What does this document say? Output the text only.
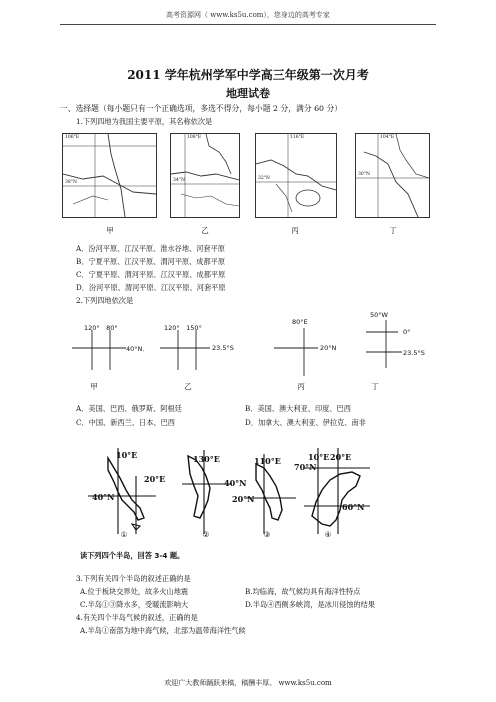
高考资源网（ www.ks5u.com），您身边的高考专家
2011 学年杭州学军中学高三年级第一次月考
地理试卷
一、选择题（每小题只有一个正确选项，多选不得分，每小题 2 分，满分 60 分）
1.下列四地为我国主要平原，其名称依次是
106°E
38°N
108°E
34°N
116°E
32°N
104°E
30°N
甲	乙	丙	丁
A．汾河平原、江汉平原、淮水谷地、河套平原
B．宁夏平原、江汉平原、渭河平原、成都平原
C．宁夏平原、渭河平原、江汉平原、成都平原
D．汾河平原、渭河平原、江汉平原、河套平原
2.下列四地依次是
120°　80°
40°N．
120°　150°
23.5°S
80°E
20°N
50°W
0°
23.5°S
甲	乙	丙	丁
A．美国、巴西、俄罗斯、阿根廷	B．美国、澳大利亚、印度、巴西
C．中国、新西兰、日本、巴西	D．加拿大、澳大利亚、伊拉克、南非
10°E
20°E
40°N
130°E
40°N
110°E
20°N
10°E 20°E
70°N
60°N
①	②	③	④
读下列四个半岛，回答 3-4 题。
3.下列有关四个半岛的叙述正确的是
A.位于板块交界处，故多火山地震	B.均临海，故气候均具有海洋性特点
C.半岛①③降水多，受暖流影响大	D.半岛④西侧多峡湾，是冰川侵蚀的结果
4.有关四个半岛气候的叙述，正确的是
A.半岛①南部为地中海气候，北部为温带海洋性气候
欢迎广大教师踊跃来稿，稿酬丰厚。 www.ks5u.com
